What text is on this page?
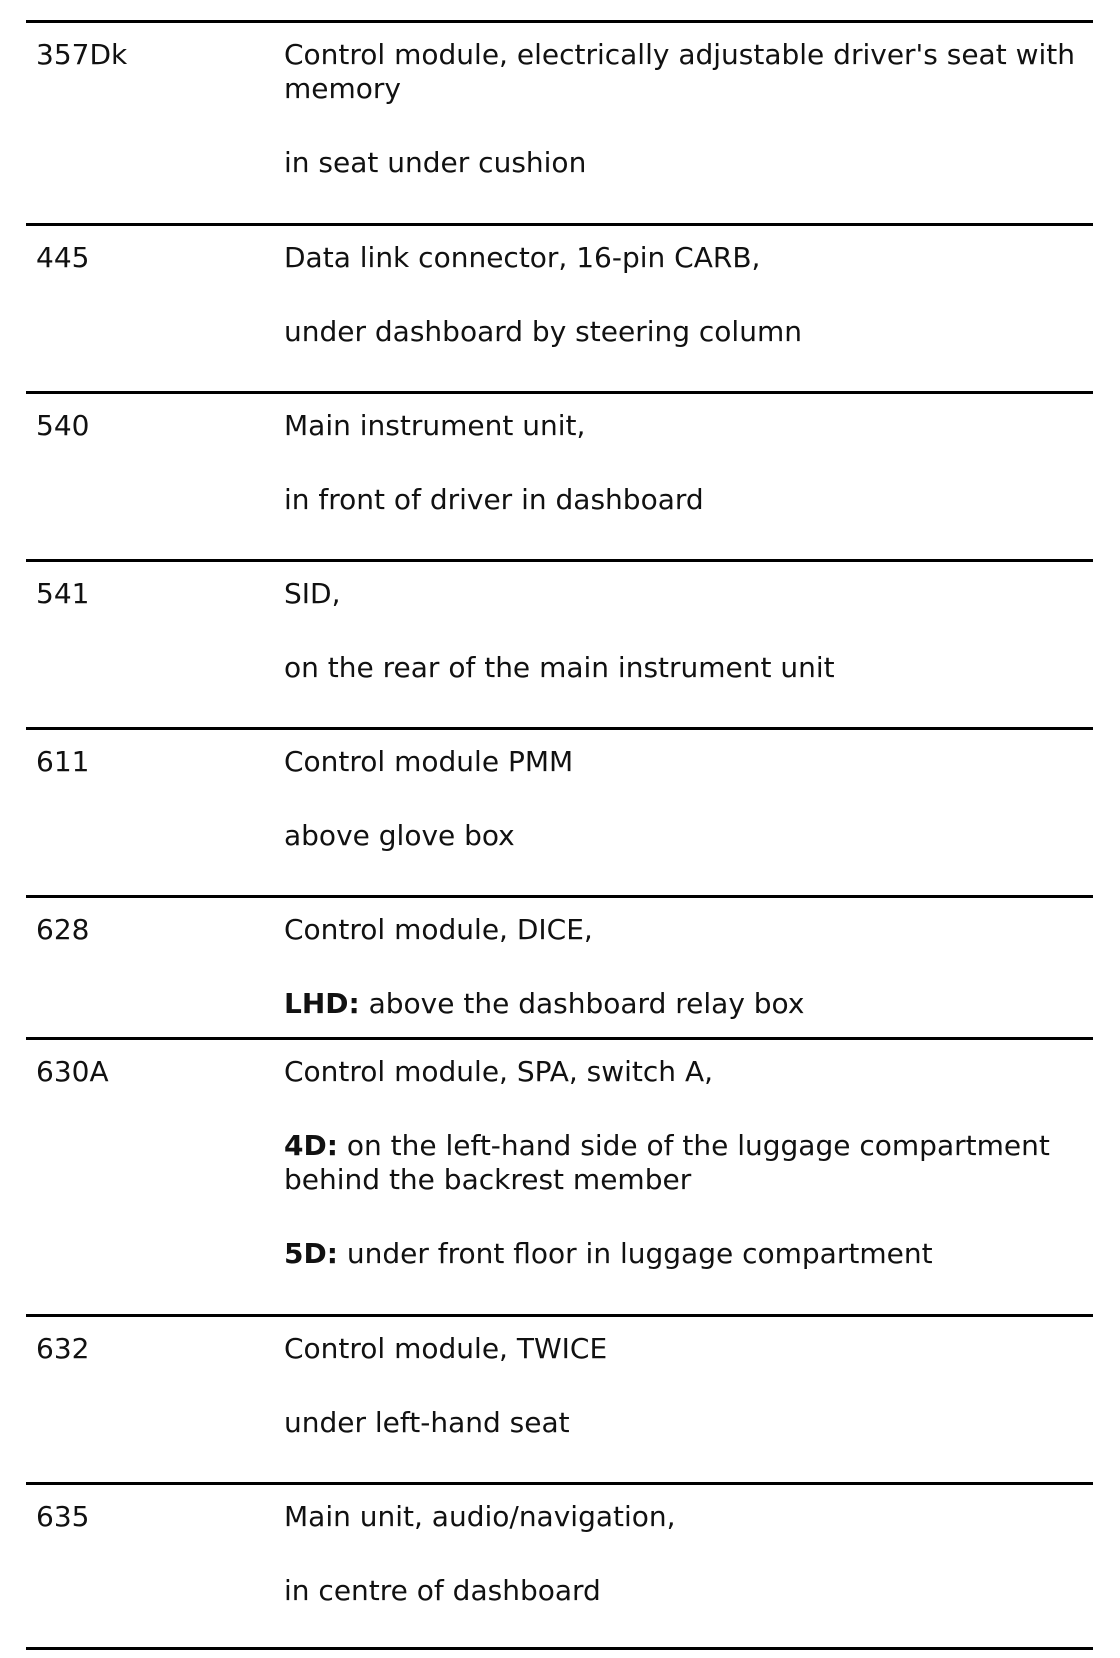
357Dk	Control module, electrically adjustable driver's seat with memory

in seat under cushion

445	Data link connector, 16-pin CARB,

under dashboard by steering column

540	Main instrument unit,

in front of driver in dashboard

541	SID,

on the rear of the main instrument unit

611	Control module PMM

above glove box

628	Control module, DICE,

LHD: above the dashboard relay box

630A	Control module, SPA, switch A,

4D: on the left-hand side of the luggage compartment behind the backrest member

5D: under front floor in luggage compartment

632	Control module, TWICE

under left-hand seat

635	Main unit, audio/navigation,

in centre of dashboard
